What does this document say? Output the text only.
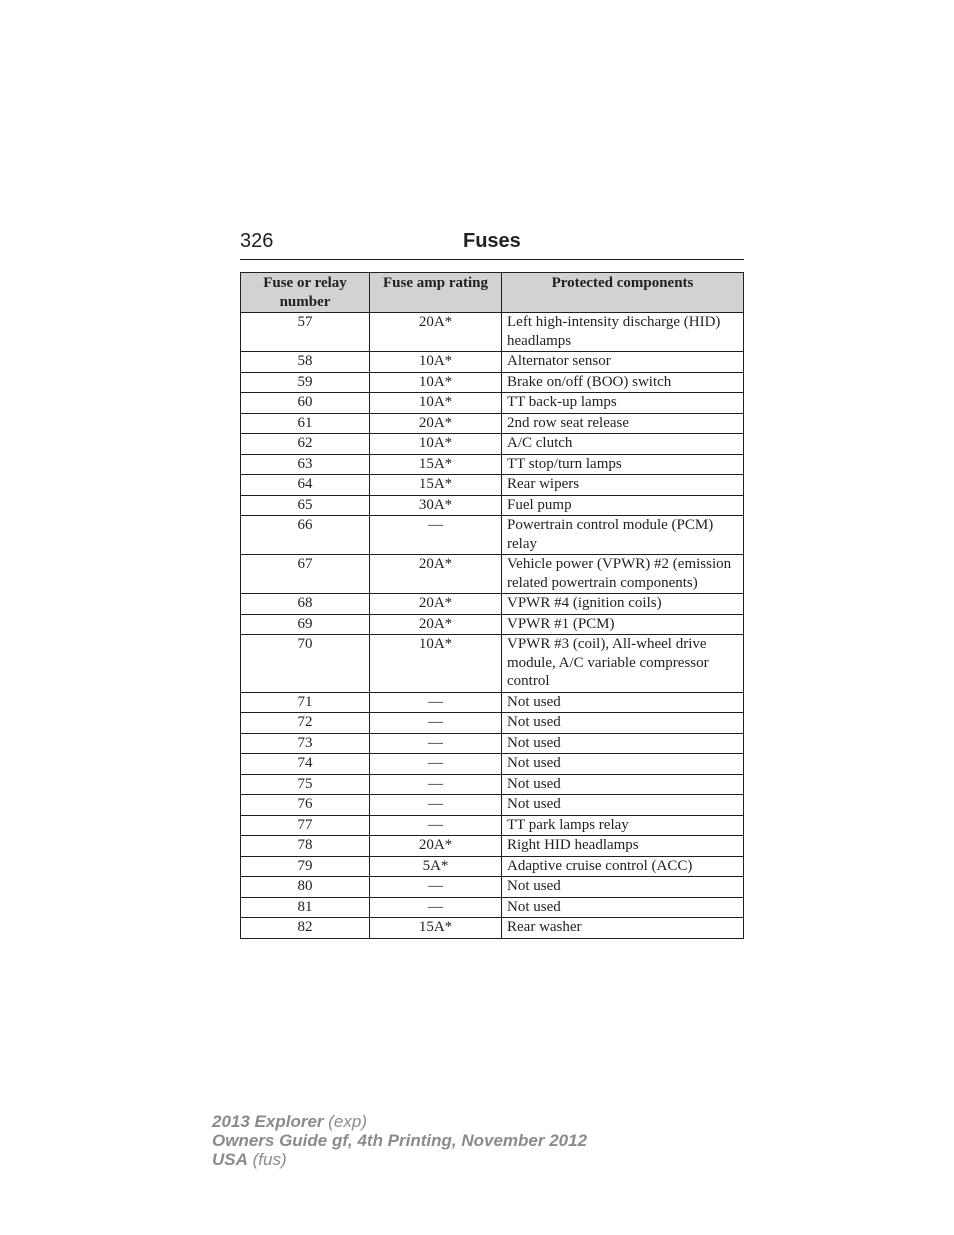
326	Fuses
Fuse or relay number	Fuse amp rating	Protected components
57	20A*	Left high-intensity discharge (HID) headlamps
58	10A*	Alternator sensor
59	10A*	Brake on/off (BOO) switch
60	10A*	TT back-up lamps
61	20A*	2nd row seat release
62	10A*	A/C clutch
63	15A*	TT stop/turn lamps
64	15A*	Rear wipers
65	30A*	Fuel pump
66	—	Powertrain control module (PCM) relay
67	20A*	Vehicle power (VPWR) #2 (emission related powertrain components)
68	20A*	VPWR #4 (ignition coils)
69	20A*	VPWR #1 (PCM)
70	10A*	VPWR #3 (coil), All-wheel drive module, A/C variable compressor control
71	—	Not used
72	—	Not used
73	—	Not used
74	—	Not used
75	—	Not used
76	—	Not used
77	—	TT park lamps relay
78	20A*	Right HID headlamps
79	5A*	Adaptive cruise control (ACC)
80	—	Not used
81	—	Not used
82	15A*	Rear washer
2013 Explorer (exp)
Owners Guide gf, 4th Printing, November 2012
USA (fus)
